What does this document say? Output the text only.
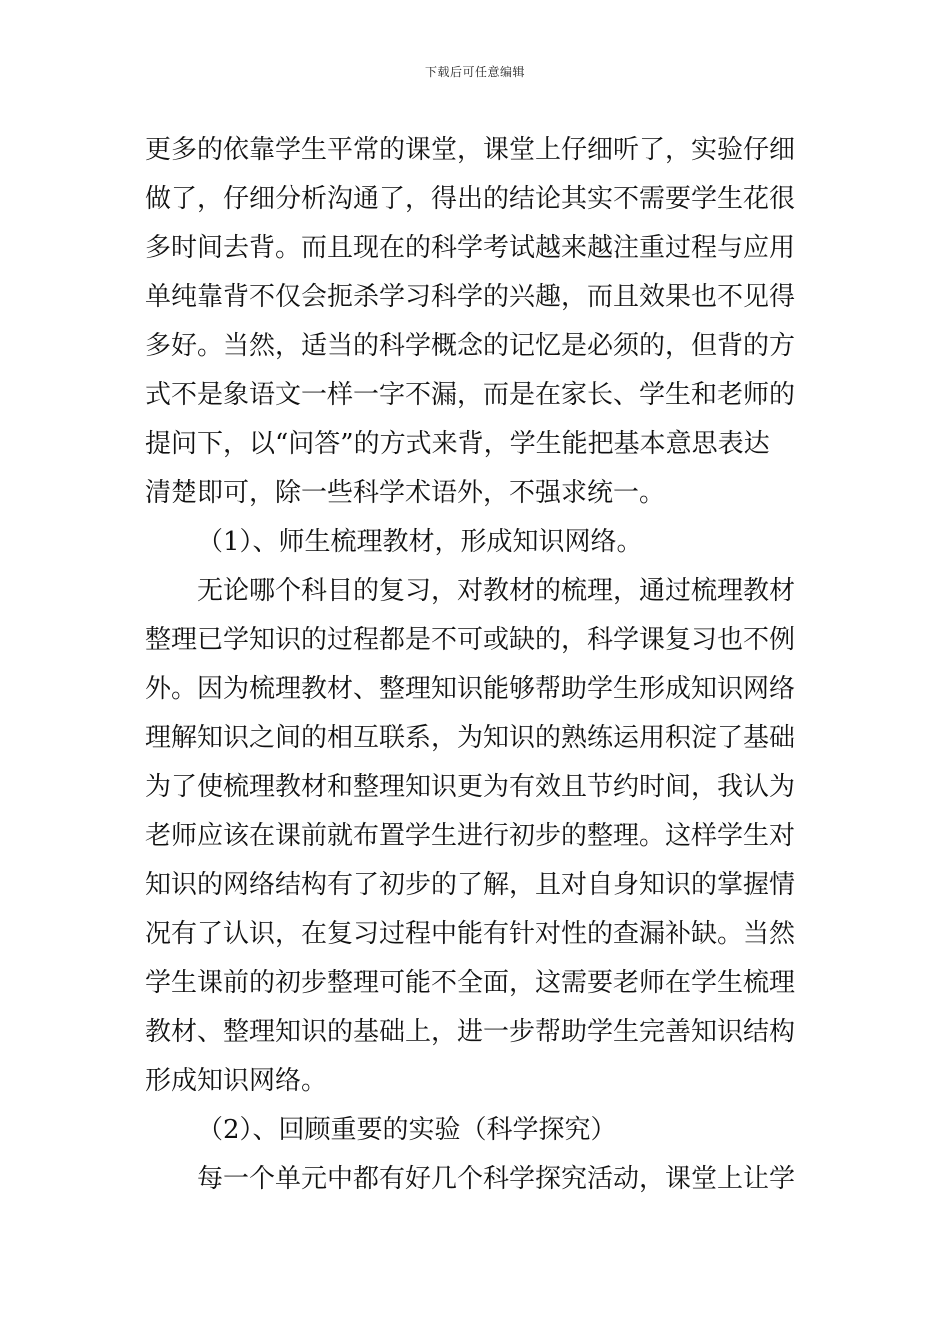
下载后可任意编辑
更多的依靠学生平常的课堂，课堂上仔细听了，实验仔细
做了，仔细分析沟通了，得出的结论其实不需要学生花很
多时间去背。而且现在的科学考试越来越注重过程与应用
单纯靠背不仅会扼杀学习科学的兴趣，而且效果也不见得
多好。当然，适当的科学概念的记忆是必须的，但背的方
式不是象语文一样一字不漏，而是在家长、学生和老师的
提问下，以“问答”的方式来背，学生能把基本意思表达
清楚即可，除一些科学术语外，不强求统一。
（1）、师生梳理教材，形成知识网络。
无论哪个科目的复习，对教材的梳理，通过梳理教材
整理已学知识的过程都是不可或缺的，科学课复习也不例
外。因为梳理教材、整理知识能够帮助学生形成知识网络
理解知识之间的相互联系，为知识的熟练运用积淀了基础
为了使梳理教材和整理知识更为有效且节约时间，我认为
老师应该在课前就布置学生进行初步的整理。这样学生对
知识的网络结构有了初步的了解，且对自身知识的掌握情
况有了认识，在复习过程中能有针对性的查漏补缺。当然
学生课前的初步整理可能不全面，这需要老师在学生梳理
教材、整理知识的基础上，进一步帮助学生完善知识结构
形成知识网络。
（2）、回顾重要的实验（科学探究）
每一个单元中都有好几个科学探究活动，课堂上让学
